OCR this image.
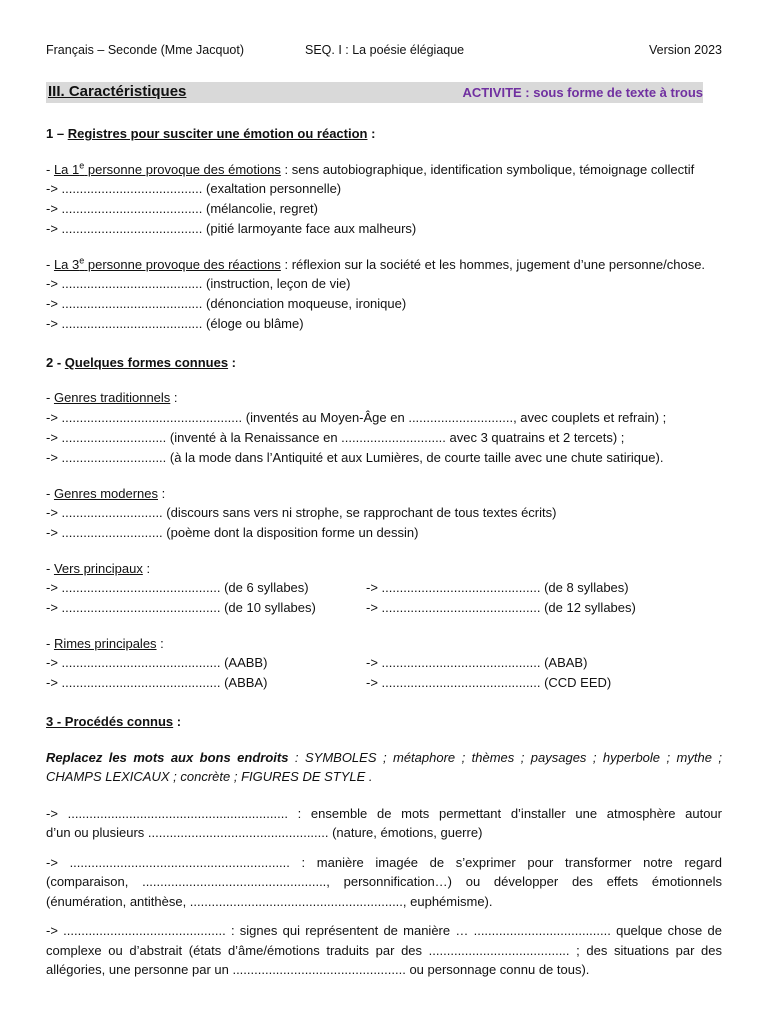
Français – Seconde (Mme Jacquot)	SEQ. I : La poésie élégiaque	Version 2023
III. Caractéristiques	ACTIVITE : sous forme de texte à trous
1 – Registres pour susciter une émotion ou réaction :
- La 1e personne provoque des émotions : sens autobiographique, identification symbolique, témoignage collectif
-> ....................................... (exaltation personnelle)
-> ....................................... (mélancolie, regret)
-> ....................................... (pitié larmoyante face aux malheurs)
- La 3e personne provoque des réactions : réflexion sur la société et les hommes, jugement d’une personne/chose.
-> ....................................... (instruction, leçon de vie)
-> ....................................... (dénonciation moqueuse, ironique)
-> ....................................... (éloge ou blâme)
2 - Quelques formes connues :
- Genres traditionnels :
-> .................................................. (inventés au Moyen-Âge en ............................., avec couplets et refrain) ;
-> ............................. (inventé à la Renaissance en ............................. avec 3 quatrains et 2 tercets) ;
-> ............................. (à la mode dans l’Antiquité et aux Lumières, de courte taille avec une chute satirique).
- Genres modernes :
-> ............................ (discours sans vers ni strophe, se rapprochant de tous textes écrits)
-> ............................ (poème dont la disposition forme un dessin)
- Vers principaux :
-> ............................................ (de 6 syllabes)	-> ............................................ (de 8 syllabes)
-> ............................................ (de 10 syllabes)	-> ............................................ (de 12 syllabes)
- Rimes principales :
-> ............................................ (AABB)	-> ............................................ (ABAB)
-> ............................................ (ABBA)	-> ............................................ (CCD EED)
3 - Procédés connus :
Replacez les mots aux bons endroits : SYMBOLES ; métaphore ; thèmes ; paysages ; hyperbole ; mythe ;
CHAMPS LEXICAUX ; concrète ; FIGURES DE STYLE .
-> ............................................................. : ensemble de mots permettant d’installer une atmosphère autour
d’un ou plusieurs .................................................. (nature, émotions, guerre)
-> ............................................................. : manière imagée de s’exprimer pour transformer notre regard
(comparaison, ..................................................., personnification…) ou développer des effets émotionnels
(énumération, antithèse, ..........................................................., euphémisme).
-> ............................................. : signes qui représentent de manière … ...................................... quelque chose de
complexe ou d’abstrait (états d’âme/émotions traduits par des ....................................... ; des situations par des
allégories, une personne par un ................................................ ou personnage connu de tous).
